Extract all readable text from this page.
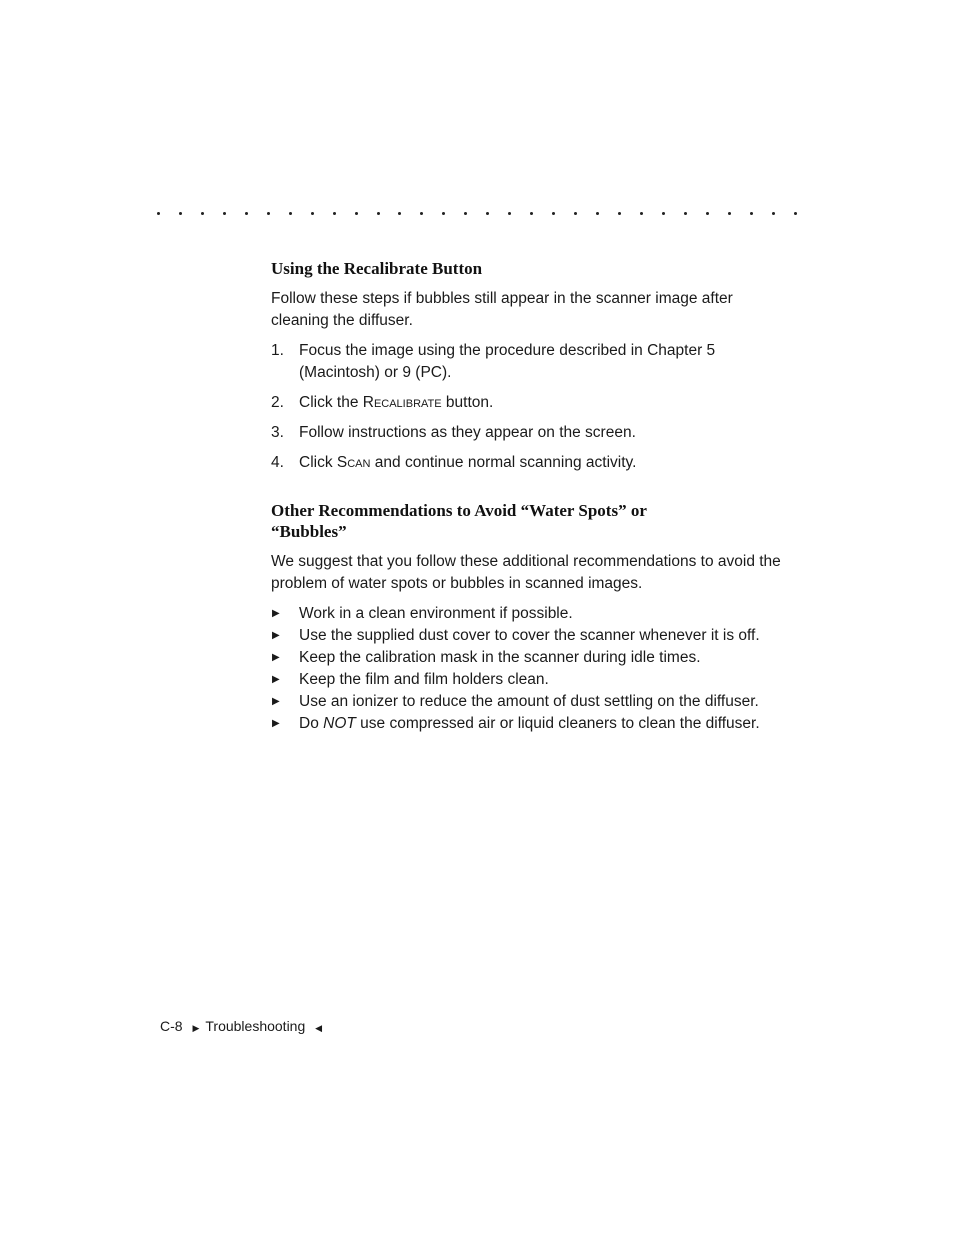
Using the Recalibrate Button

Follow these steps if bubbles still appear in the scanner image after cleaning the diffuser.

1. Focus the image using the procedure described in Chapter 5 (Macintosh) or 9 (PC).
2. Click the Recalibrate button.
3. Follow instructions as they appear on the screen.
4. Click Scan and continue normal scanning activity.
Other Recommendations to Avoid “Water Spots” or “Bubbles”

We suggest that you follow these additional recommendations to avoid the problem of water spots or bubbles in scanned images.

▶ Work in a clean environment if possible.
▶ Use the supplied dust cover to cover the scanner whenever it is off.
▶ Keep the calibration mask in the scanner during idle times.
▶ Keep the film and film holders clean.
▶ Use an ionizer to reduce the amount of dust settling on the diffuser.
▶ Do NOT use compressed air or liquid cleaners to clean the diffuser.
C-8 ▶ Troubleshooting ◀
